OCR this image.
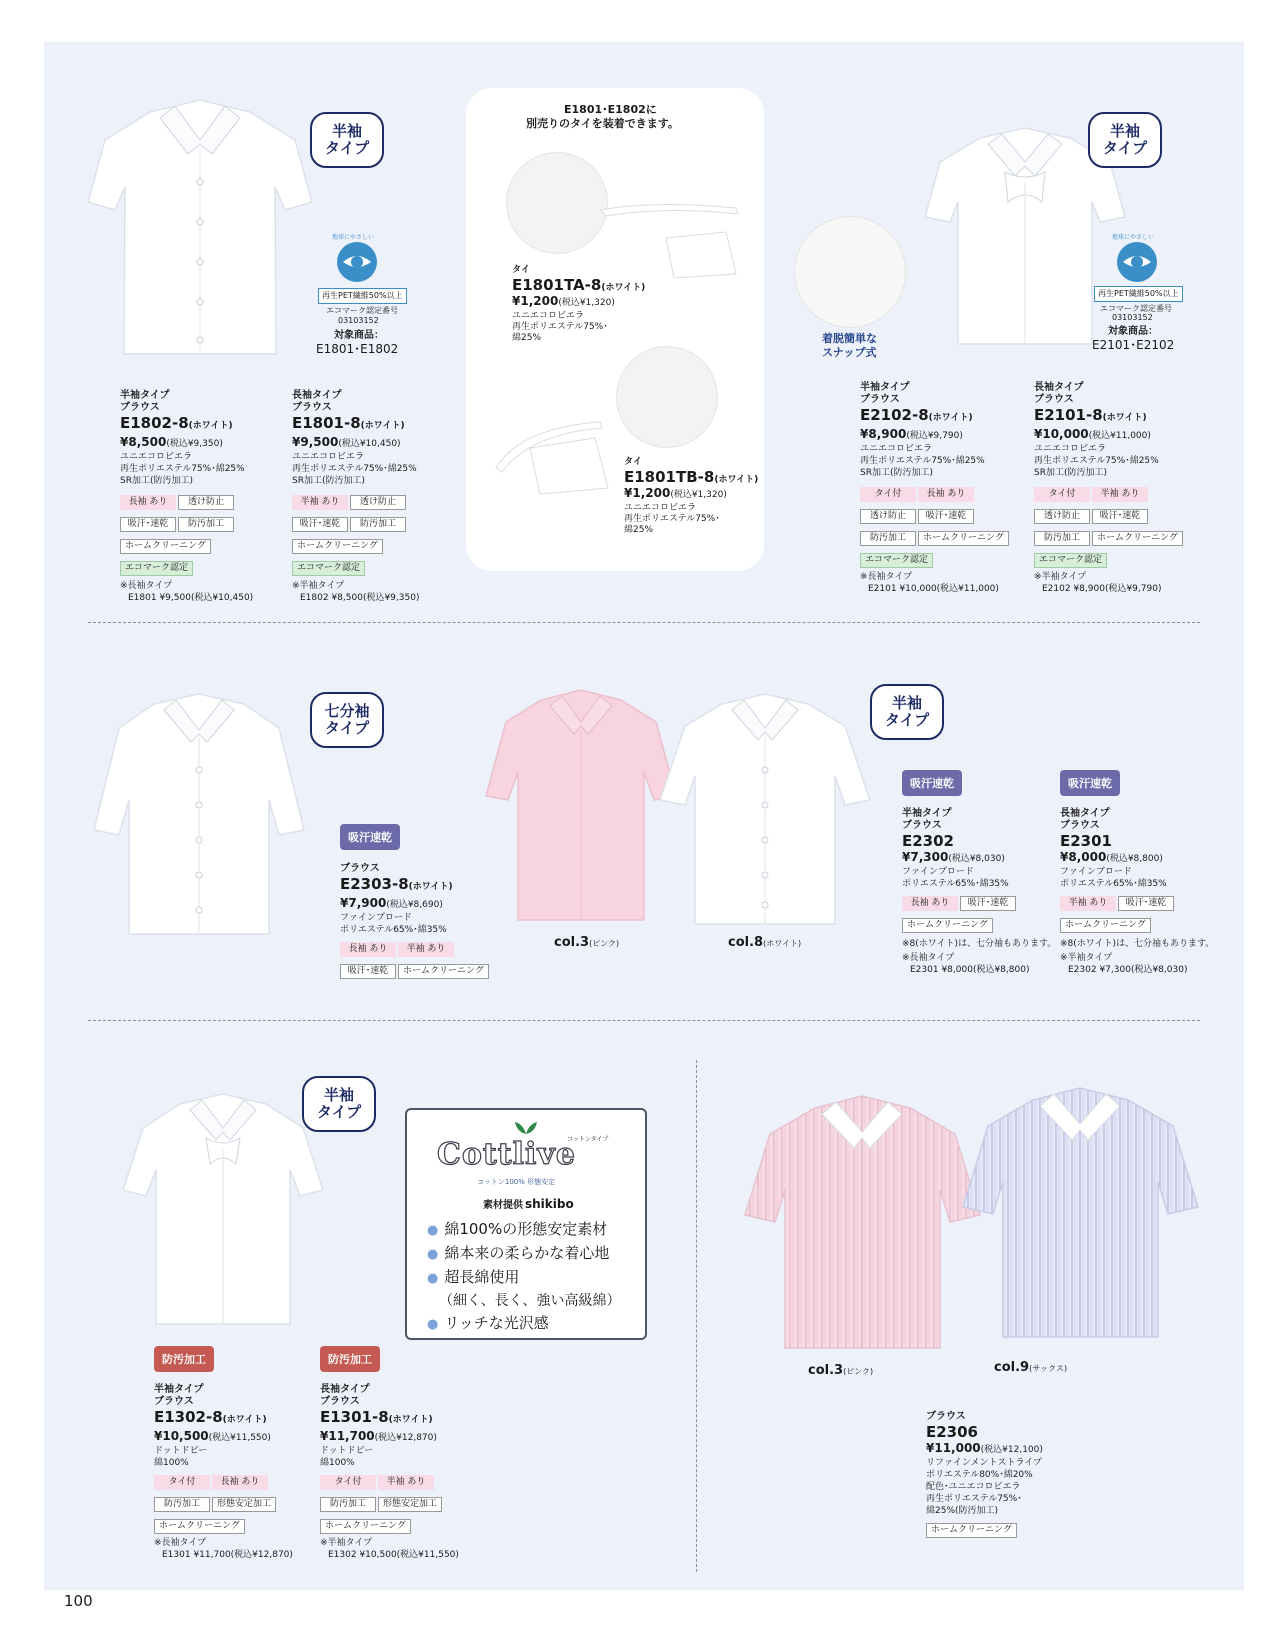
半袖
タイプ
地球にやさしい
再生PET繊維50%以上
エコマーク認定番号
03103152
対象商品：
E1801･E1802
半袖タイプ
ブラウス
E1802-8(ホワイト)
¥8,500(税込¥9,350)
ユニエコロビエラ
再生ポリエステル75%･綿25%
SR加工(防汚加工)
長袖 あり 透け防止
吸汗･速乾 防汚加工
ホームクリーニングエコマーク認定
※長袖タイプ
E1801 ¥9,500(税込¥10,450)
長袖タイプ
ブラウス
E1801-8(ホワイト)
¥9,500(税込¥10,450)
ユニエコロビエラ
再生ポリエステル75%･綿25%
SR加工(防汚加工)
半袖 あり 透け防止
吸汗･速乾 防汚加工
ホームクリーニングエコマーク認定
※半袖タイプ
E1802 ¥8,500(税込¥9,350)
E1801･E1802に
別売りのタイを装着できます。
タイ
E1801TA-8(ホワイト)
¥1,200(税込¥1,320)
ユニエコロビエラ
再生ポリエステル75%･
綿25%
タイ
E1801TB-8(ホワイト)
¥1,200(税込¥1,320)
ユニエコロビエラ
再生ポリエステル75%･
綿25%
着脱簡単な
スナップ式
半袖
タイプ
地球にやさしい
再生PET繊維50%以上
エコマーク認定番号
03103152
対象商品：
E2101･E2102
半袖タイプ
ブラウス
E2102-8(ホワイト)
¥8,900(税込¥9,790)
ユニエコロビエラ
再生ポリエステル75%･綿25%
SR加工(防汚加工)
タイ付	長袖 あり
透け防止 吸汗･速乾
防汚加工 ホームクリーニング
エコマーク認定
※長袖タイプ
E2101 ¥10,000(税込¥11,000)
長袖タイプ
ブラウス
E2101-8(ホワイト)
¥10,000(税込¥11,000)
ユニエコロビエラ
再生ポリエステル75%･綿25%
SR加工(防汚加工)
タイ付	半袖 あり
透け防止 吸汗･速乾
防汚加工 ホームクリーニング
エコマーク認定
※半袖タイプ
E2102 ¥8,900(税込¥9,790)
七分袖
タイプ
吸汗速乾
ブラウス
E2303-8(ホワイト)
¥7,900(税込¥8,690)
ファインブロード
ポリエステル65%･綿35%
長袖 あり 半袖 あり
吸汗･速乾 ホームクリーニング
col.3(ピンク)	col.8(ホワイト)
半袖
タイプ
吸汗速乾	吸汗速乾
半袖タイプ
ブラウス
E2302
¥7,300(税込¥8,030)
ファインブロード
ポリエステル65%･綿35%
長袖 あり 吸汗･速乾
ホームクリーニング
※8(ホワイト)は、七分袖もあります。
※長袖タイプ
E2301 ¥8,000(税込¥8,800)
長袖タイプ
ブラウス
E2301
¥8,000(税込¥8,800)
ファインブロード
ポリエステル65%･綿35%
半袖 あり 吸汗･速乾
ホームクリーニング
※8(ホワイト)は、七分袖もあります。
※半袖タイプ
E2302 ¥7,300(税込¥8,030)
半袖
タイプ
コットンタイプ
Cottlive
コットン100% 形態安定
素材提供 shikibo
● 綿100%の形態安定素材
● 綿本来の柔らかな着心地
● 超長綿使用
（細く、長く、強い高級綿）
● リッチな光沢感
防汚加工	防汚加工
半袖タイプ
ブラウス
E1302-8(ホワイト)
¥10,500(税込¥11,550)
ドットドビー
綿100%
タイ付	長袖 あり
防汚加工 形態安定加工
ホームクリーニング
※長袖タイプ
E1301 ¥11,700(税込¥12,870)
長袖タイプ
ブラウス
E1301-8(ホワイト)
¥11,700(税込¥12,870)
ドットドビー
綿100%
タイ付	半袖 あり
防汚加工 形態安定加工
ホームクリーニング
※半袖タイプ
E1302 ¥10,500(税込¥11,550)
col.3(ピンク)	col.9(サックス)
ブラウス
E2306
¥11,000(税込¥12,100)
リファインメントストライプ
ポリエステル80%･綿20%
配色･ユニエコロビエラ
再生ポリエステル75%･
綿25%(防汚加工)
ホームクリーニング
100
